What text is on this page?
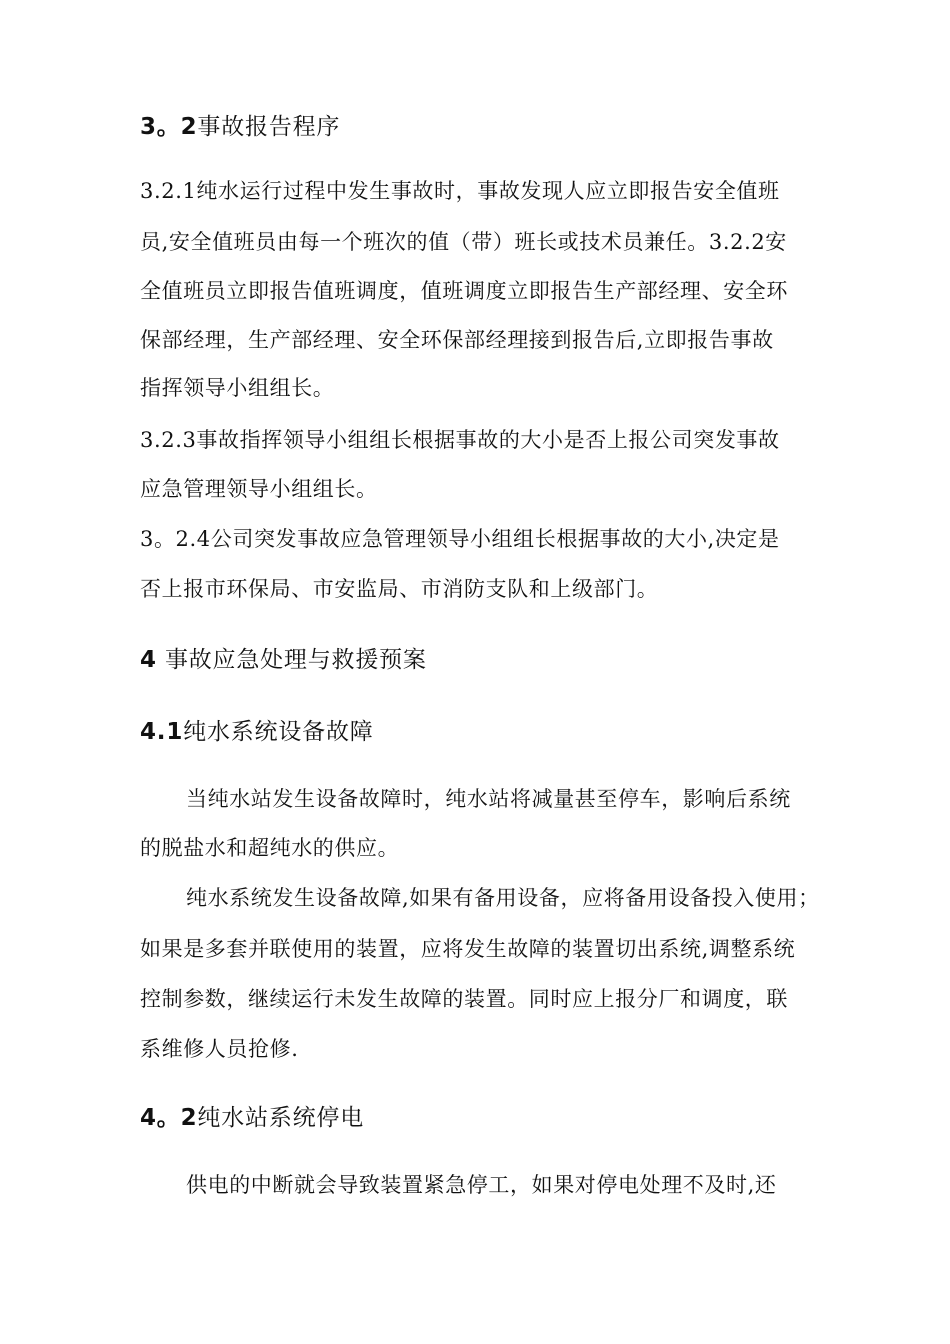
3。2事故报告程序
3.2.1纯水运行过程中发生事故时，事故发现人应立即报告安全值班
员,安全值班员由每一个班次的值（带）班长或技术员兼任。3.2.2安
全值班员立即报告值班调度，值班调度立即报告生产部经理、安全环
保部经理，生产部经理、安全环保部经理接到报告后,立即报告事故
指挥领导小组组长。
3.2.3事故指挥领导小组组长根据事故的大小是否上报公司突发事故
应急管理领导小组组长。
3。2.4公司突发事故应急管理领导小组组长根据事故的大小,决定是
否上报市环保局、市安监局、市消防支队和上级部门。
4 事故应急处理与救援预案
4.1纯水系统设备故障
当纯水站发生设备故障时，纯水站将减量甚至停车，影响后系统
的脱盐水和超纯水的供应。
纯水系统发生设备故障,如果有备用设备，应将备用设备投入使用；
如果是多套并联使用的装置，应将发生故障的装置切出系统,调整系统
控制参数，继续运行未发生故障的装置。同时应上报分厂和调度，联
系维修人员抢修.
4。2纯水站系统停电
供电的中断就会导致装置紧急停工，如果对停电处理不及时,还
